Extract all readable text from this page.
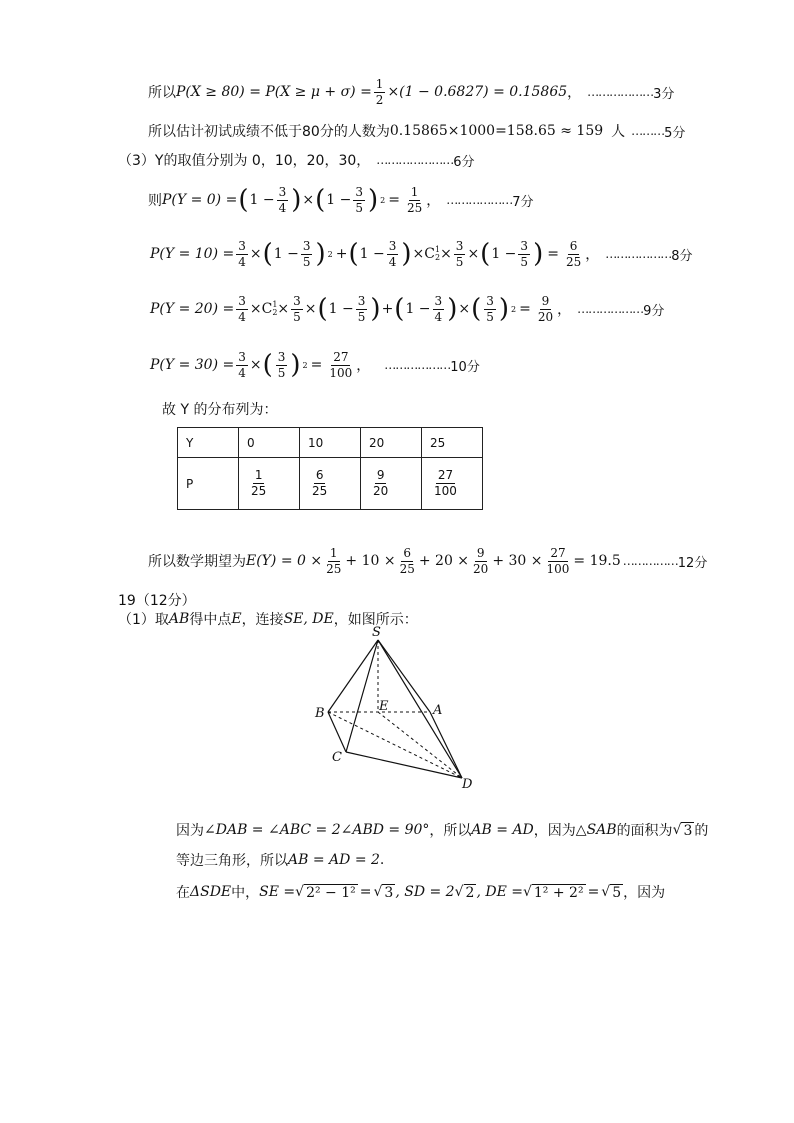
所以 $P(X \ge 80) = P(X \ge \mu + \sigma) = \frac{1}{2} \times(1 - 0.6827) = 0.15865$ ， ……………… 3分
所以估计初试成绩不低于80分的人数为 0.15865×1000=158.65 ≈ 159 人 ……… 5分
（3）Y的取值分别为 0，10，20，30， ………………… 6分
则 P(Y = 0) = ( $1 - \frac{3}{4}$ ) × ( $1 - \frac{3}{5}$ ) $2 = \frac{1}{25}$ ， ……………… 7分
$P(Y = 10) = \frac{3}{4}$ × ( $1 - \frac{3}{5}$ ) 2 + ( $1 - \frac{3}{4}$ ) × C 1
$2 \times \frac{3}{5}$ × ( $1 - \frac{3}{5}$ ) = $\frac{6}{25}$ ， ……………… 8分
$P(Y = 20) = \frac{3}{4} \times C$ 1
$2 \times \frac{3}{5}$ × ( $1 - \frac{3}{5}$ ) + ( $1 - \frac{3}{4}$ ) × ( $\frac{3}{5}$ ) $2 = \frac{9}{20}$ ， ……………… 9分
$P(Y = 30) = \frac{3}{4}$ × ( $\frac{3}{5}$ ) $2 = \frac{27}{100}$ ， ……………… 10分
故 Y 的分布列为：
Y	0	10	20	25
P	$\frac{1}{25}$	$\frac{6}{25}$	$\frac{9}{20}$	$\frac{27}{100}$
所以数学期望为 $E(Y) = 0 \times \frac{1}{25} + 10 \times \frac{6}{25} + 20 \times \frac{9}{20} + 30 \times \frac{27}{100} = 19.5$ …………… 12分
19（12分）
（1）取 AB 得中点 E ，连接 SE, DE ，如图所示：
S
B	E	A
C
D
因为 ∠DAB = ∠ABC = 2∠ABD = 90° ，所以 AB = AD ，因为 △SAB 的面积为 √ 3 的
等边三角形，所以 AB = AD = 2 .
在 ΔSDE 中， SE = √ 2² − 1² = √ 3 , SD = 2 √ 2 , DE = √ 1² + 2² = √ 5 ，因为
